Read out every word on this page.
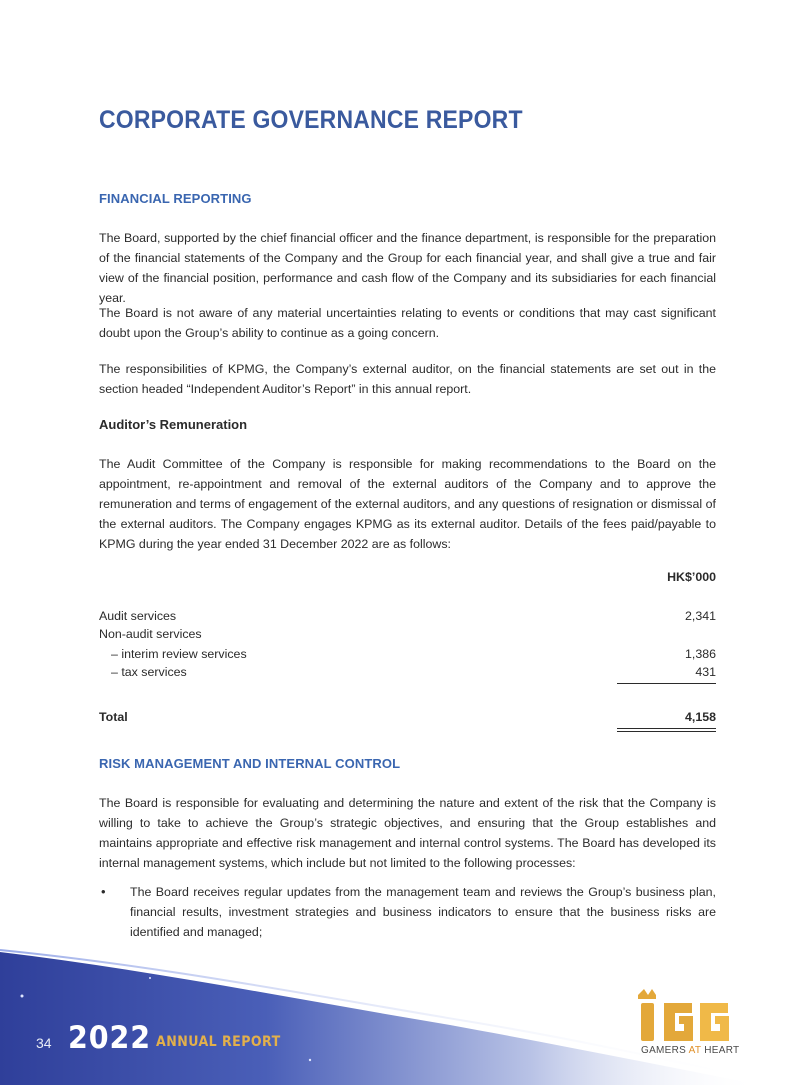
CORPORATE GOVERNANCE REPORT
FINANCIAL REPORTING

The Board, supported by the chief financial officer and the finance department, is responsible for the preparation of the financial statements of the Company and the Group for each financial year, and shall give a true and fair view of the financial position, performance and cash flow of the Company and its subsidiaries for each financial year.

The Board is not aware of any material uncertainties relating to events or conditions that may cast significant doubt upon the Group’s ability to continue as a going concern.

The responsibilities of KPMG, the Company’s external auditor, on the financial statements are set out in the section headed “Independent Auditor’s Report” in this annual report.

Auditor’s Remuneration

The Audit Committee of the Company is responsible for making recommendations to the Board on the appointment, re-appointment and removal of the external auditors of the Company and to approve the remuneration and terms of engagement of the external auditors, and any questions of resignation or dismissal of the external auditors. The Company engages KPMG as its external auditor. Details of the fees paid/payable to KPMG during the year ended 31 December 2022 are as follows:

HK$’000
Audit services	2,341
Non-audit services
– interim review services	1,386
– tax services	431
Total	4,158
RISK MANAGEMENT AND INTERNAL CONTROL

The Board is responsible for evaluating and determining the nature and extent of the risk that the Company is willing to take to achieve the Group’s strategic objectives, and ensuring that the Group establishes and maintains appropriate and effective risk management and internal control systems. The Board has developed its internal management systems, which include but not limited to the following processes:

• The Board receives regular updates from the management team and reviews the Group’s business plan, financial results, investment strategies and business indicators to ensure that the business risks are identified and managed;

34 2022 ANNUAL REPORT
GAMERS AT HEART
